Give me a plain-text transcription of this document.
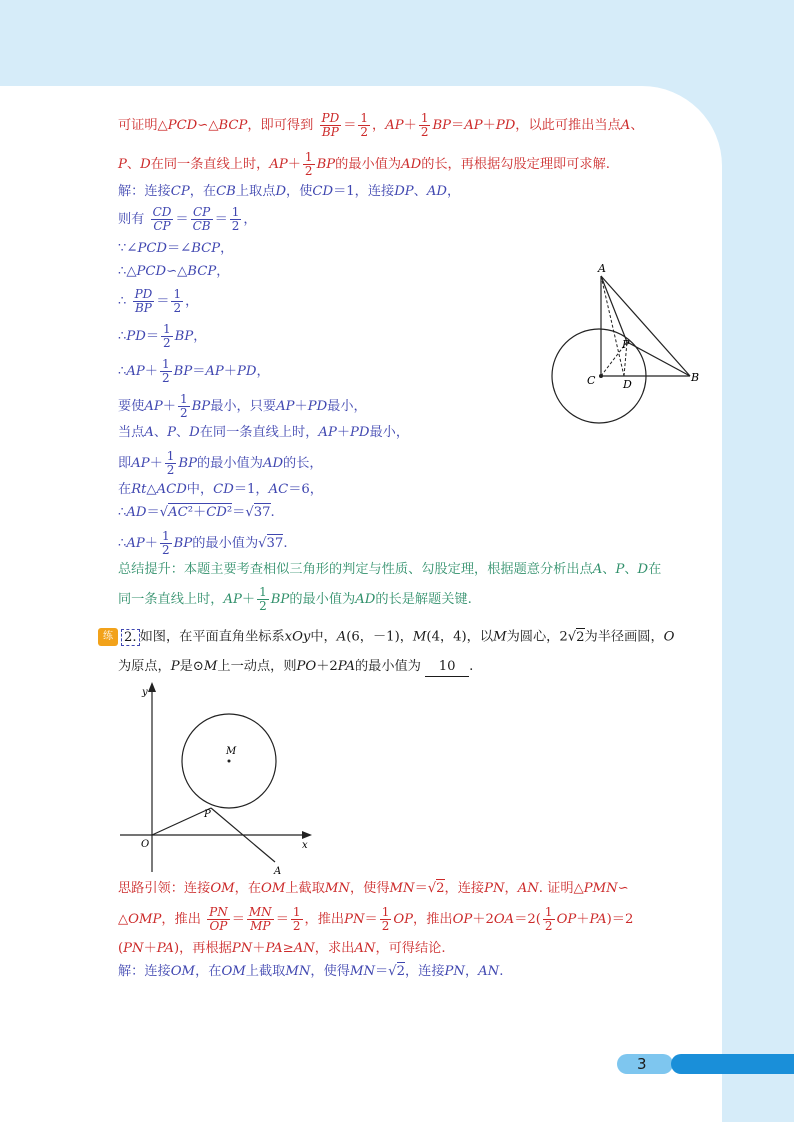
可证明△PCD∽△BCP，即可得到 $\frac{PD}{BP} = \frac{1}{2}$ ，$AP+ \frac{1}{2} BP=AP+PD$，以此可推出当点A、
P、D在同一条直线上时，$AP+ \frac{1}{2}$ BP的最小值为AD的长，再根据勾股定理即可求解.
解：连接CP，在CB上取点D，使CD＝1，连接DP、AD，
则有 $\frac{CD}{CP} = \frac{CP}{CB} = \frac{1}{2}$ ，
∵∠PCD＝∠BCP，
∴△PCD∽△BCP，
∴ $\frac{PD}{BP} = \frac{1}{2}$ ，
∴PD＝ $\frac{1}{2}$ BP，
∴AP＋ $\frac{1}{2} BP=AP+PD$，
要使$AP+ \frac{1}{2}$ BP最小，只要AP＋PD最小，
当点A、P、D在同一条直线上时，AP＋PD最小，
即$AP+ \frac{1}{2}$ BP的最小值为AD的长，
在Rt△ACD中，CD＝1，AC＝6，
∴AD＝√AC²＋CD²＝√37.
∴AP＋ $\frac{1}{2}$ BP的最小值为√37.
总结提升：本题主要考查相似三角形的判定与性质、勾股定理，根据题意分析出点A、P、D在
同一条直线上时，$AP+ \frac{1}{2}$ BP的最小值为AD的长是解题关键.
练 2. 如图，在平面直角坐标系xOy中，A(6，－1)，M(4，4)，以M为圆心，2√2为半径画圆，O
为原点，P是⊙M上一动点，则PO＋2PA的最小值为 10 .
思路引领：连接OM，在OM上截取MN，使得MN＝√2，连接PN，AN. 证明△PMN∽
△OMP，推出 $\frac{PN}{OP} = \frac{MN}{MP} = \frac{1}{2}$ ，推出$PN= \frac{1}{2}$ OP，推出$OP+2OA=2( \frac{1}{2} OP+PA)=2$
(PN＋PA)，再根据PN＋PA≥AN，求出AN，可得结论.
解：连接OM，在OM上截取MN，使得MN＝√2，连接PN，AN.
A
P
C	D
B
y
x
M
P
O
A
3
